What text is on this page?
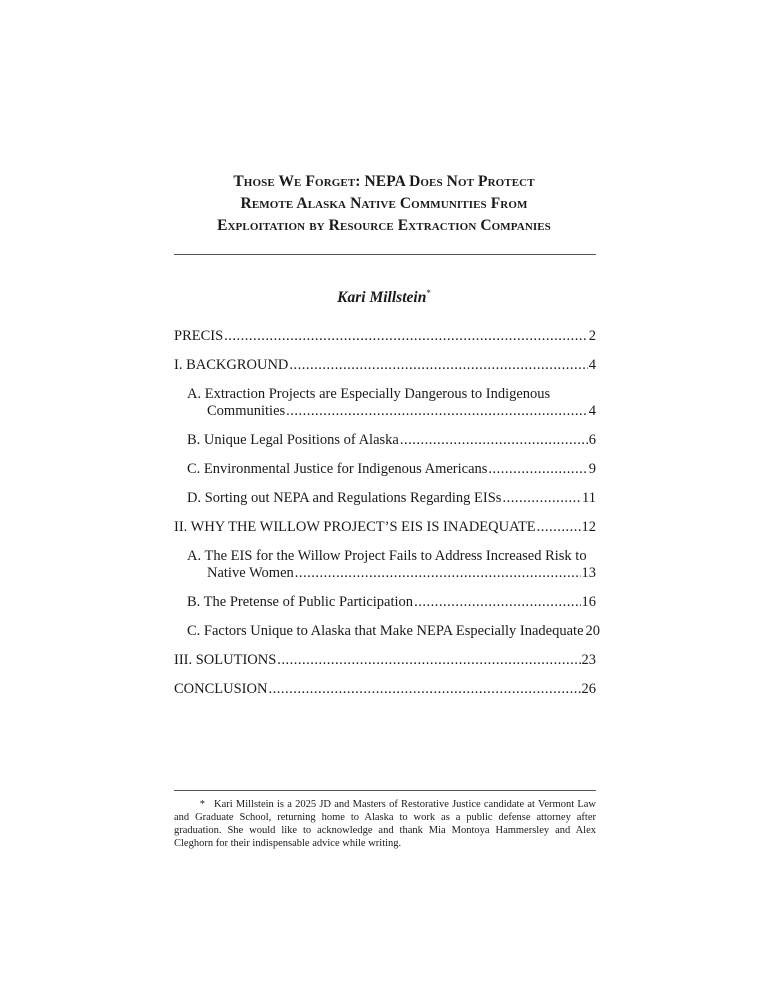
Those We Forget: NEPA Does Not Protect
Remote Alaska Native Communities From
Exploitation by Resource Extraction Companies
Kari Millstein*
PRECIS .....	2
I. BACKGROUND .....	4
A. Extraction Projects are Especially Dangerous to Indigenous
Communities .....	4
B. Unique Legal Positions of Alaska .....	6
C. Environmental Justice for Indigenous Americans .....	9
D. Sorting out NEPA and Regulations Regarding EISs .....	11
II. WHY THE WILLOW PROJECT’S EIS IS INADEQUATE .....	12
A. The EIS for the Willow Project Fails to Address Increased Risk to
Native Women .....	13
B. The Pretense of Public Participation .....	16
C. Factors Unique to Alaska that Make NEPA Especially Inadequate 20
III. SOLUTIONS .....	23
CONCLUSION .....	26
* Kari Millstein is a 2025 JD and Masters of Restorative Justice candidate at Vermont Law and Graduate School, returning home to Alaska to work as a public defense attorney after graduation. She would like to acknowledge and thank Mia Montoya Hammersley and Alex Cleghorn for their indispensable advice while writing.
